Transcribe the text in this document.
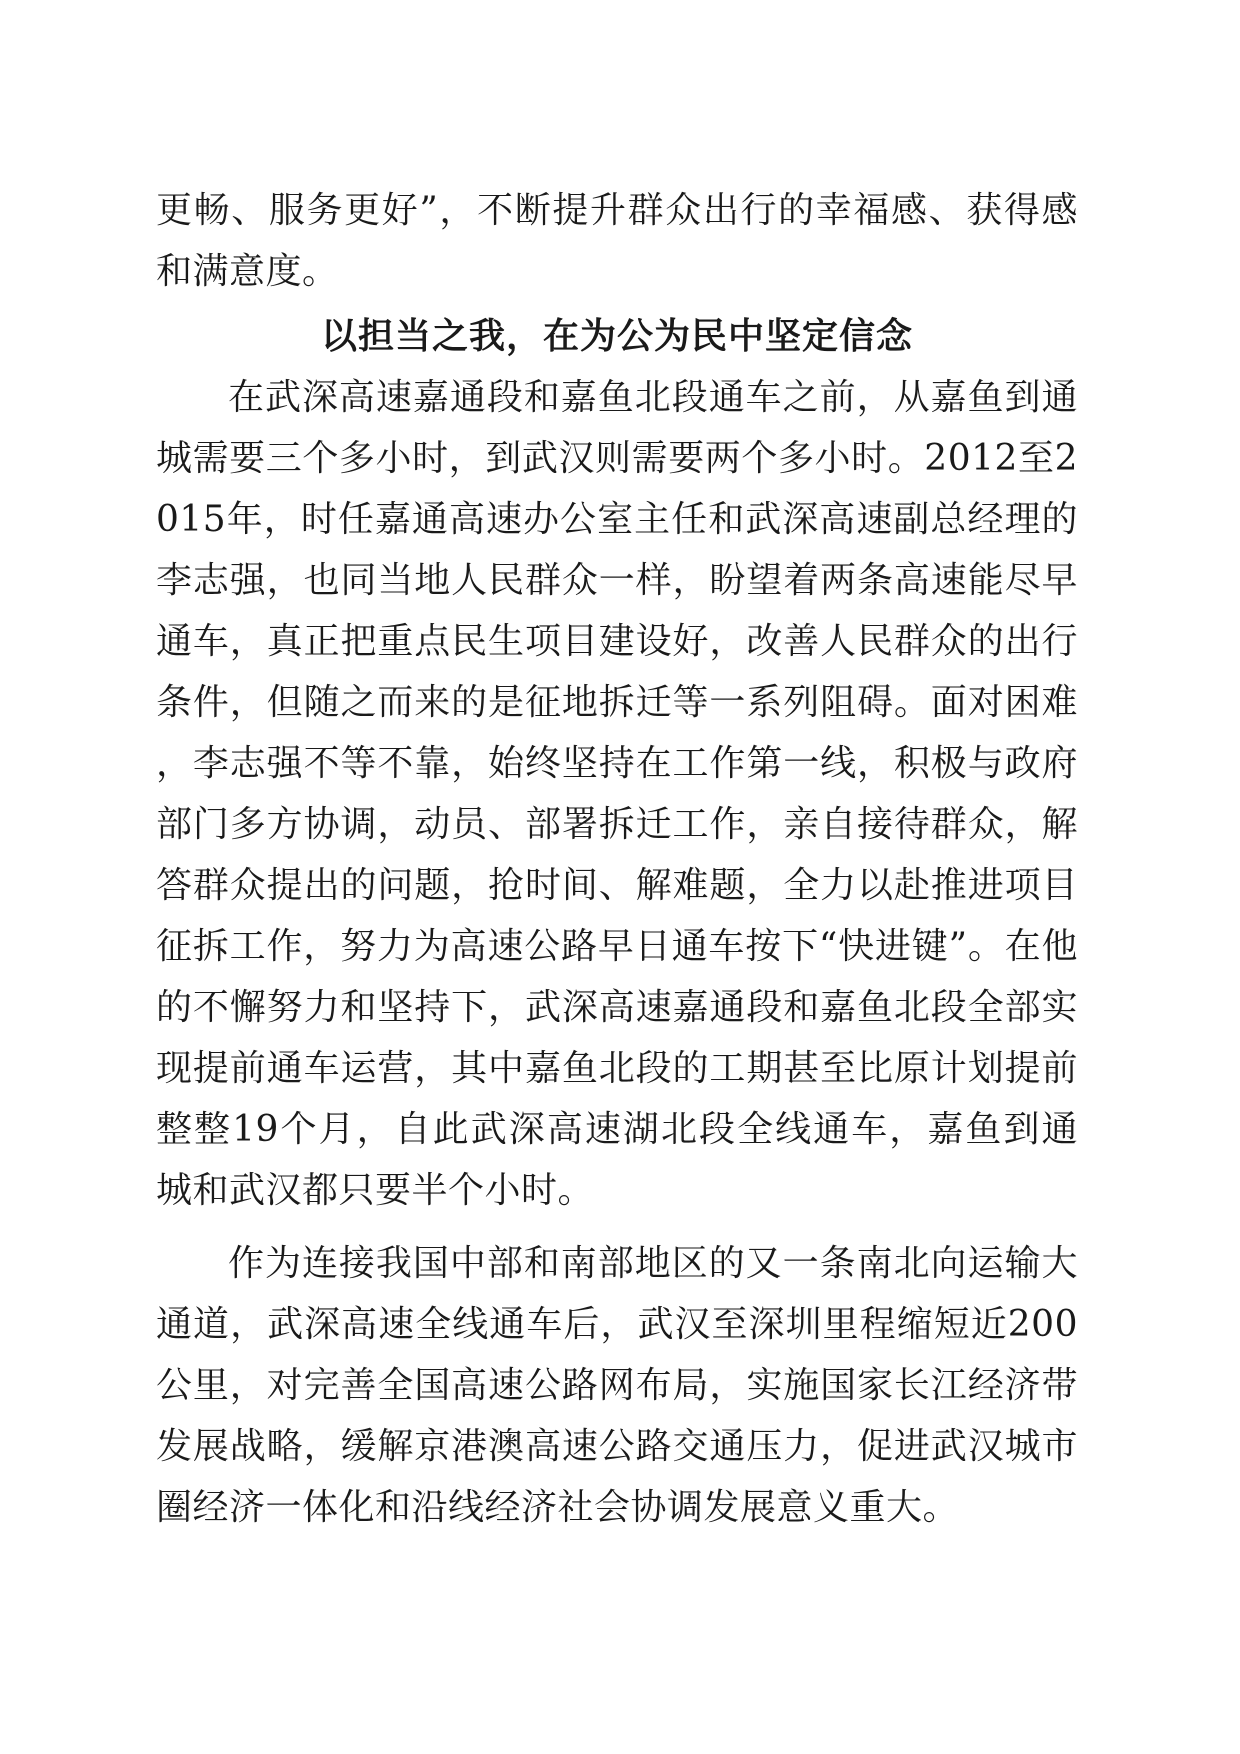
更畅、服务更好”，不断提升群众出行的幸福感、获得感和满意度。

以担当之我，在为公为民中坚定信念

在武深高速嘉通段和嘉鱼北段通车之前，从嘉鱼到通城需要三个多小时，到武汉则需要两个多小时。2012至2015年，时任嘉通高速办公室主任和武深高速副总经理的李志强，也同当地人民群众一样，盼望着两条高速能尽早通车，真正把重点民生项目建设好，改善人民群众的出行条件，但随之而来的是征地拆迁等一系列阻碍。面对困难，李志强不等不靠，始终坚持在工作第一线，积极与政府部门多方协调，动员、部署拆迁工作，亲自接待群众，解答群众提出的问题，抢时间、解难题，全力以赴推进项目征拆工作，努力为高速公路早日通车按下“快进键”。在他的不懈努力和坚持下，武深高速嘉通段和嘉鱼北段全部实现提前通车运营，其中嘉鱼北段的工期甚至比原计划提前整整19个月，自此武深高速湖北段全线通车，嘉鱼到通城和武汉都只要半个小时。

作为连接我国中部和南部地区的又一条南北向运输大通道，武深高速全线通车后，武汉至深圳里程缩短近200公里，对完善全国高速公路网布局，实施国家长江经济带发展战略，缓解京港澳高速公路交通压力，促进武汉城市圈经济一体化和沿线经济社会协调发展意义重大。
